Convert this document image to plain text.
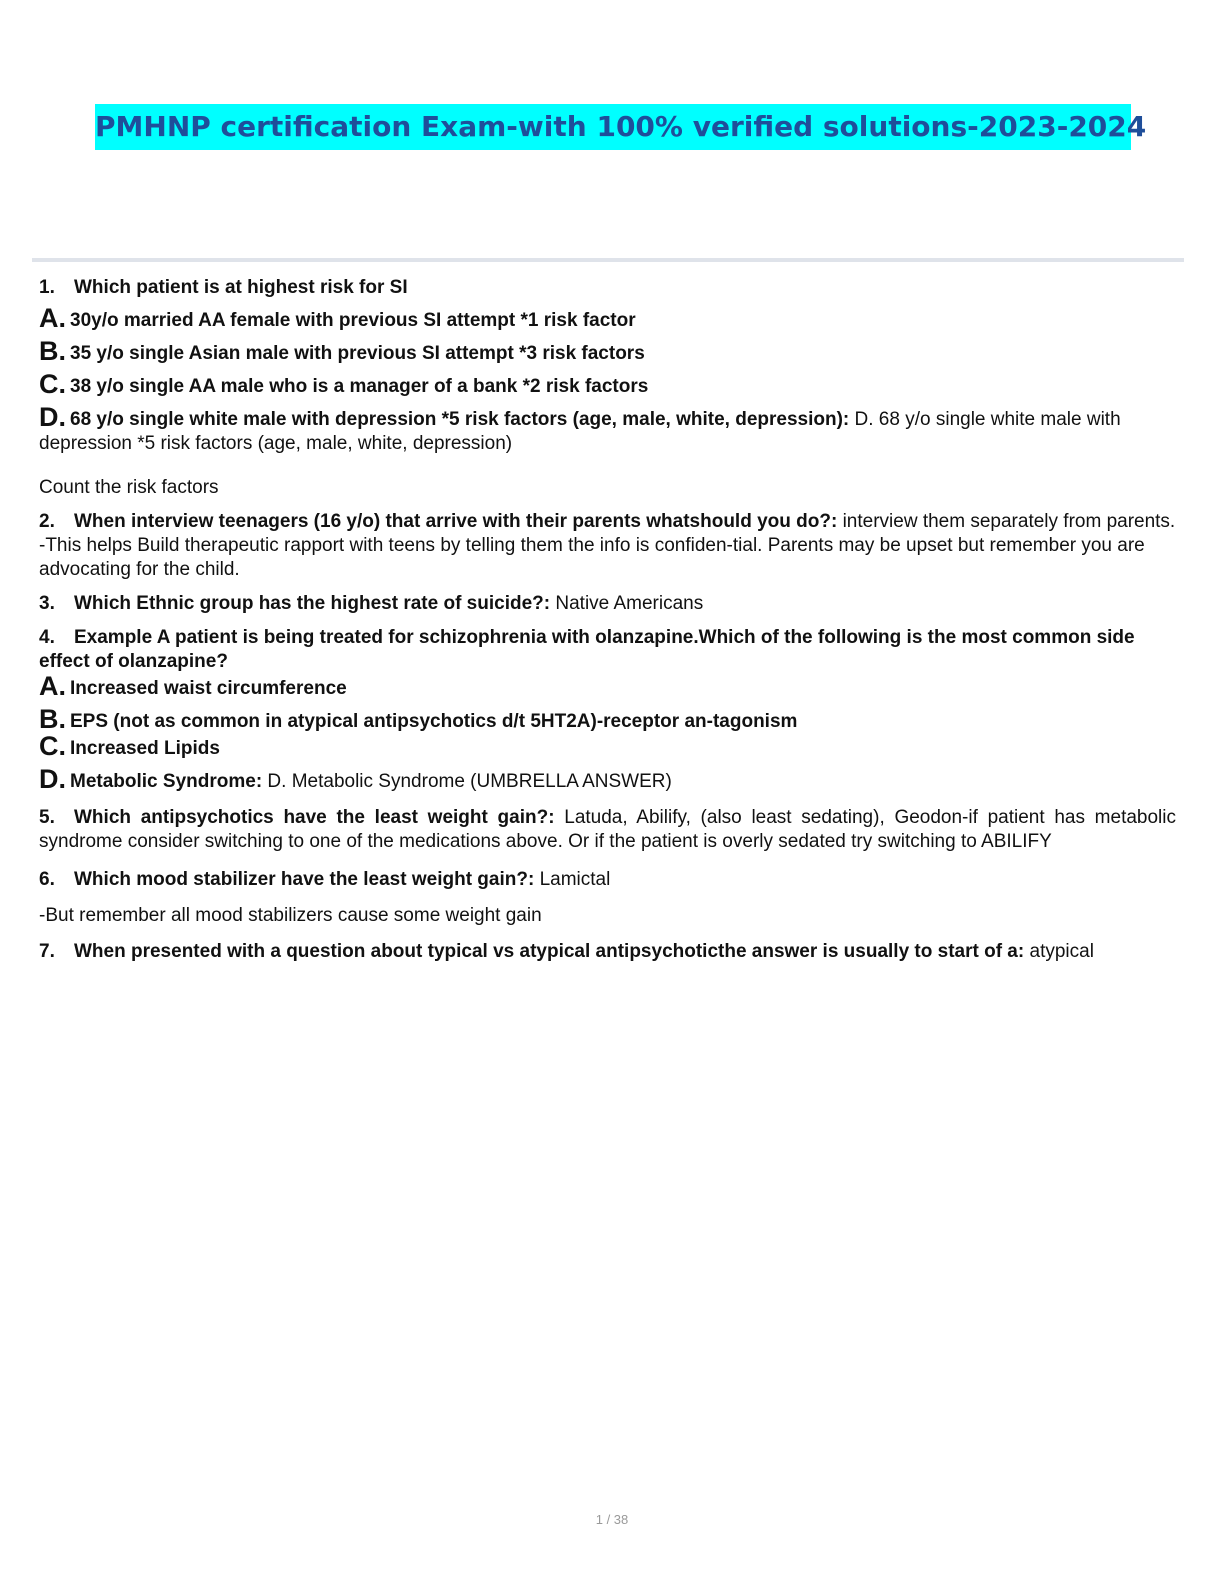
PMHNP certification Exam-with 100% verified solutions-2023-2024

1. Which patient is at highest risk for SI

A. 30y/o married AA female with previous SI attempt *1 risk factor

B. 35 y/o single Asian male with previous SI attempt *3 risk factors

C. 38 y/o single AA male who is a manager of a bank *2 risk factors

D. 68 y/o single white male with depression *5 risk factors (age, male, white, depression): D. 68 y/o single white male with depression *5 risk factors (age, male, white, depression)

Count the risk factors

2. When interview teenagers (16 y/o) that arrive with their parents whatshould you do?: interview them separately from parents.

-This helps Build therapeutic rapport with teens by telling them the info is confiden-tial. Parents may be upset but remember you are advocating for the child.

3. Which Ethnic group has the highest rate of suicide?: Native Americans

4. Example A patient is being treated for schizophrenia with olanzapine.Which of the following is the most common side effect of olanzapine?

A. Increased waist circumference

B. EPS (not as common in atypical antipsychotics d/t 5HT2A)-receptor an-tagonism

C. Increased Lipids

D. Metabolic Syndrome: D. Metabolic Syndrome (UMBRELLA ANSWER)

5. Which antipsychotics have the least weight gain?: Latuda, Abilify, (also least sedating), Geodon-if patient has metabolic syndrome consider switching to one of the medications above. Or if the patient is overly sedated try switching to ABILIFY

6. Which mood stabilizer have the least weight gain?: Lamictal

-But remember all mood stabilizers cause some weight gain

7. When presented with a question about typical vs atypical antipsychoticthe answer is usually to start of a: atypical

1 / 38
